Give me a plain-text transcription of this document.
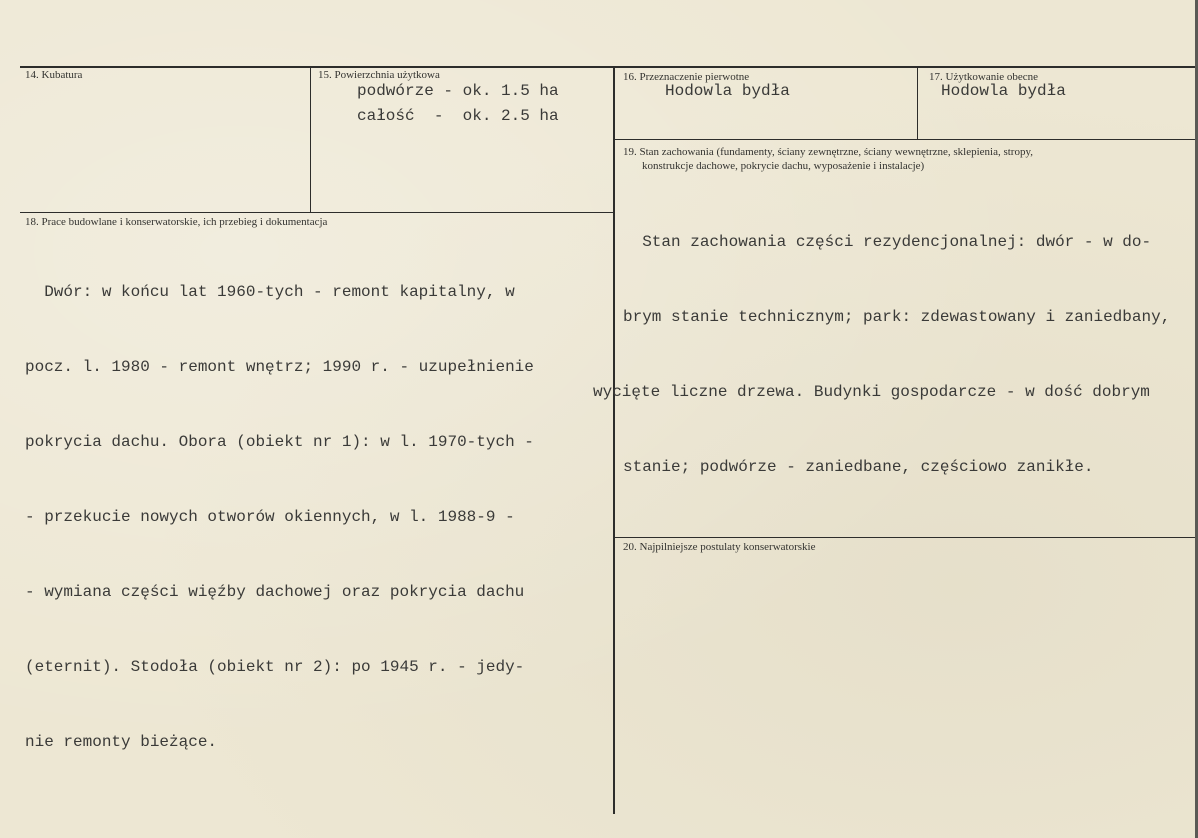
14. Kubatura	15. Powierzchnia użytkowa
podwórze - ok. 1.5 ha
całość  -  ok. 2.5 ha
16. Przeznaczenie pierwotne
Hodowla bydła
17. Użytkowanie obecne
Hodowla bydła
19. Stan zachowania (fundamenty, ściany zewnętrzne, ściany wewnętrzne, sklepienia, stropy,
konstrukcje dachowe, pokrycie dachu, wyposażenie i instalacje)

Stan zachowania części rezydencjonalnej: dwór - w do-

brym stanie technicznym; park: zdewastowany i zaniedbany,

wycięte liczne drzewa. Budynki gospodarcze - w dość dobrym

stanie; podwórze - zaniedbane, częściowo zanikłe.

18. Prace budowlane i konserwatorskie, ich przebieg i dokumentacja

Dwór: w końcu lat 1960-tych - remont kapitalny, w

pocz. l. 1980 - remont wnętrz; 1990 r. - uzupełnienie

pokrycia dachu. Obora (obiekt nr 1): w l. 1970-tych -

- przekucie nowych otworów okiennych, w l. 1988-9 -

- wymiana części więźby dachowej oraz pokrycia dachu

(eternit). Stodoła (obiekt nr 2): po 1945 r. - jedy-

nie remonty bieżące.

20. Najpilniejsze postulaty konserwatorskie
